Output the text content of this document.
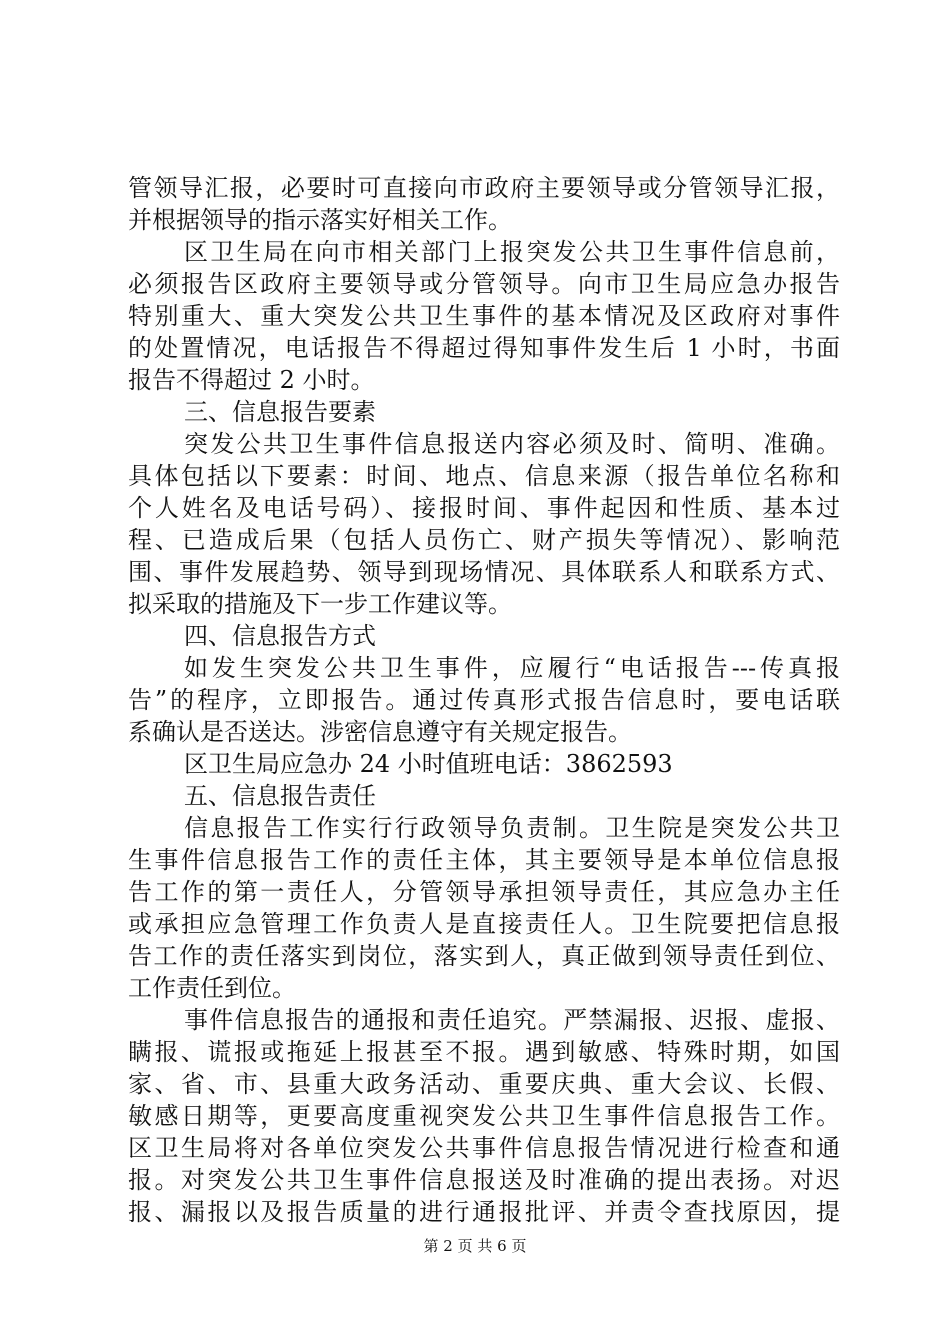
管领导汇报，必要时可直接向市政府主要领导或分管领导汇报，
并根据领导的指示落实好相关工作。
区卫生局在向市相关部门上报突发公共卫生事件信息前，
必须报告区政府主要领导或分管领导。向市卫生局应急办报告
特别重大、重大突发公共卫生事件的基本情况及区政府对事件
的处置情况，电话报告不得超过得知事件发生后 1 小时，书面
报告不得超过 2 小时。
三、信息报告要素
突发公共卫生事件信息报送内容必须及时、简明、准确。
具体包括以下要素：时间、地点、信息来源（报告单位名称和
个人姓名及电话号码）、接报时间、事件起因和性质、基本过
程、已造成后果（包括人员伤亡、财产损失等情况）、影响范
围、事件发展趋势、领导到现场情况、具体联系人和联系方式、
拟采取的措施及下一步工作建议等。
四、信息报告方式
如发生突发公共卫生事件，应履行“电话报告---传真报
告”的程序，立即报告。通过传真形式报告信息时，要电话联
系确认是否送达。涉密信息遵守有关规定报告。
区卫生局应急办 24 小时值班电话：3862593
五、信息报告责任
信息报告工作实行行政领导负责制。卫生院是突发公共卫
生事件信息报告工作的责任主体，其主要领导是本单位信息报
告工作的第一责任人，分管领导承担领导责任，其应急办主任
或承担应急管理工作负责人是直接责任人。卫生院要把信息报
告工作的责任落实到岗位，落实到人，真正做到领导责任到位、
工作责任到位。
事件信息报告的通报和责任追究。严禁漏报、迟报、虚报、
瞒报、谎报或拖延上报甚至不报。遇到敏感、特殊时期，如国
家、省、市、县重大政务活动、重要庆典、重大会议、长假、
敏感日期等，更要高度重视突发公共卫生事件信息报告工作。
区卫生局将对各单位突发公共事件信息报告情况进行检查和通
报。对突发公共卫生事件信息报送及时准确的提出表扬。对迟
报、漏报以及报告质量的进行通报批评、并责令查找原因，提
第 2 页 共 6 页
